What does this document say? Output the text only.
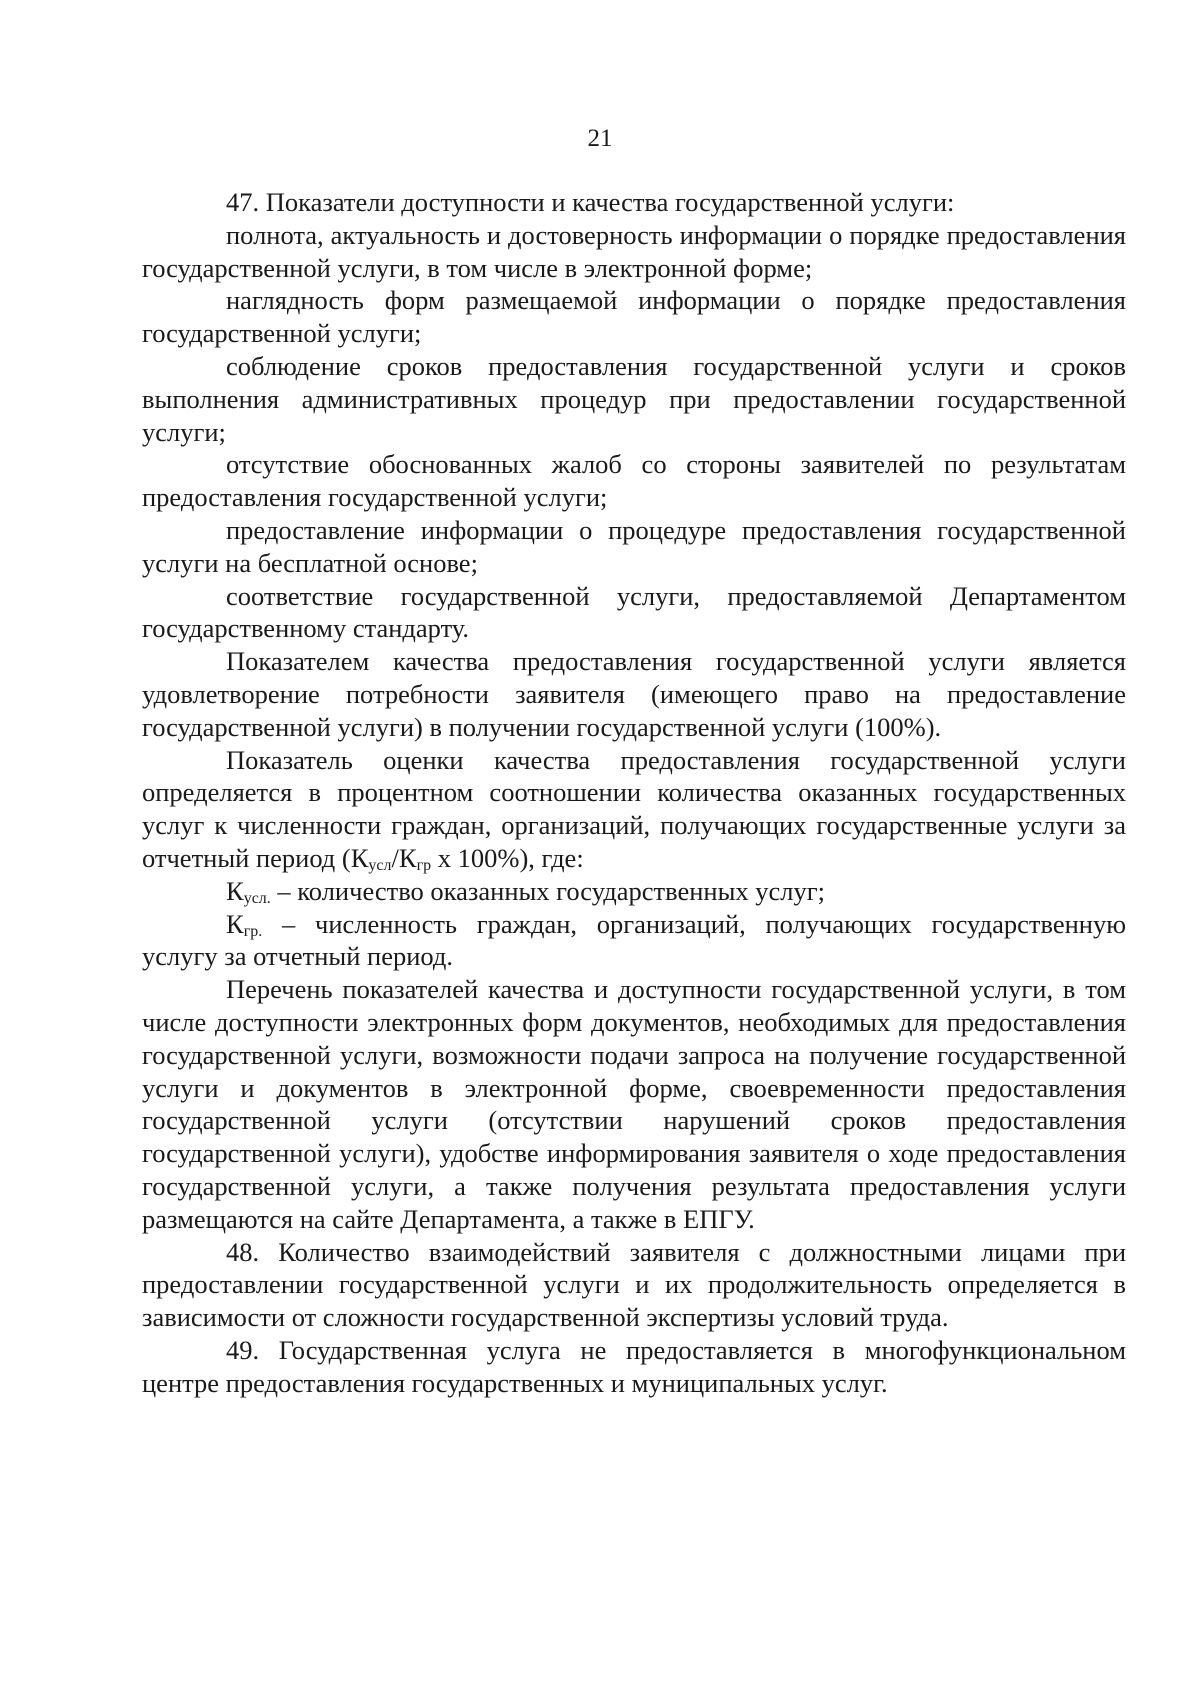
21

47. Показатели доступности и качества государственной услуги:

полнота, актуальность и достоверность информации о порядке предоставления государственной услуги, в том числе в электронной форме;

наглядность форм размещаемой информации о порядке предоставления государственной услуги;

соблюдение сроков предоставления государственной услуги и сроков выполнения административных процедур при предоставлении государственной услуги;

отсутствие обоснованных жалоб со стороны заявителей по результатам предоставления государственной услуги;

предоставление информации о процедуре предоставления государственной услуги на бесплатной основе;

соответствие государственной услуги, предоставляемой Департаментом государственному стандарту.

Показателем качества предоставления государственной услуги является удовлетворение потребности заявителя (имеющего право на предоставление государственной услуги) в получении государственной услуги (100%).

Показатель оценки качества предоставления государственной услуги определяется в процентном соотношении количества оказанных государственных услуг к численности граждан, организаций, получающих государственные услуги за отчетный период ($К_{усл}/К_{гр}$ х 100%), где:

$К_{усл.}$ – количество оказанных государственных услуг;

$К_{гр.}$ – численность граждан, организаций, получающих государственную услугу за отчетный период.

Перечень показателей качества и доступности государственной услуги, в том числе доступности электронных форм документов, необходимых для предоставления государственной услуги, возможности подачи запроса на получение государственной услуги и документов в электронной форме, своевременности предоставления государственной услуги (отсутствии нарушений сроков предоставления государственной услуги), удобстве информирования заявителя о ходе предоставления государственной услуги, а также получения результата предоставления услуги размещаются на сайте Департамента, а также в ЕПГУ.

48. Количество взаимодействий заявителя с должностными лицами при предоставлении государственной услуги и их продолжительность определяется в зависимости от сложности государственной экспертизы условий труда.

49. Государственная услуга не предоставляется в многофункциональном центре предоставления государственных и муниципальных услуг.
